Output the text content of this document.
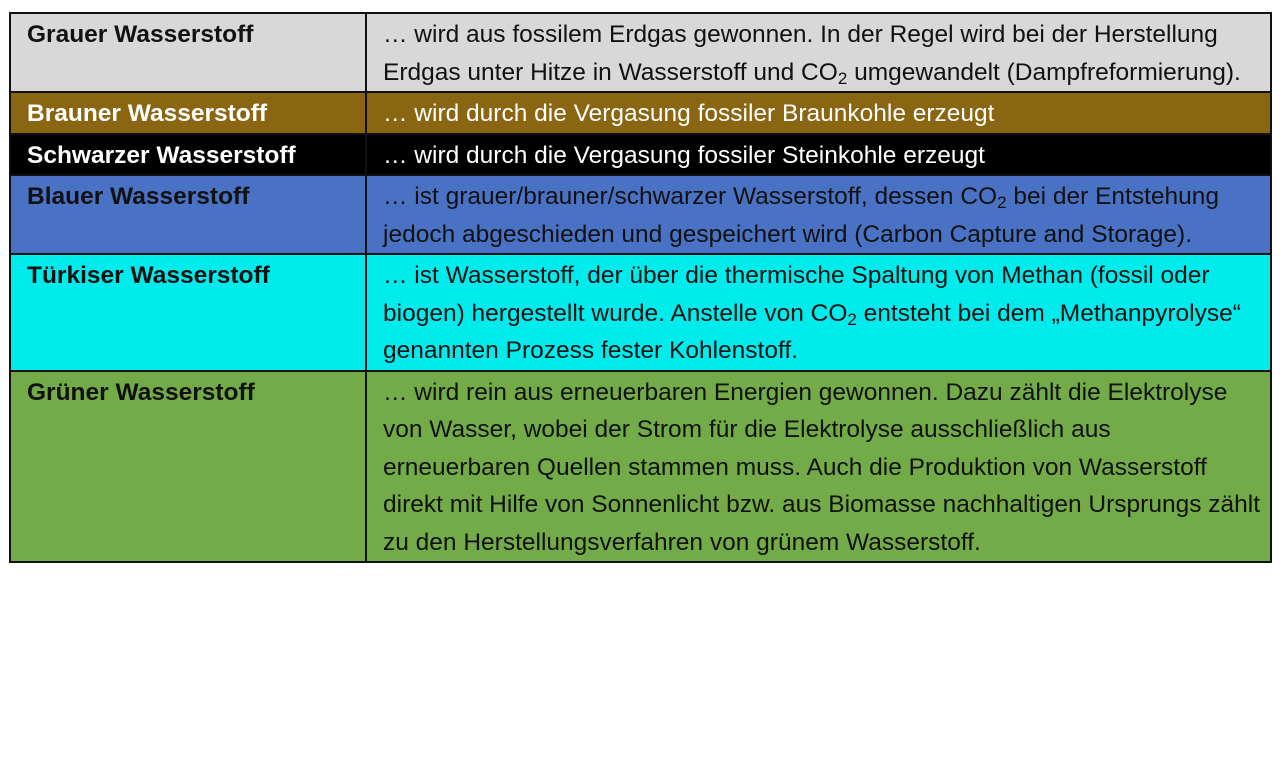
Grauer Wasserstoff	… wird aus fossilem Erdgas gewonnen. In der Regel wird bei der Herstellung Erdgas unter Hitze in Wasserstoff und $CO_2$ umgewandelt (Dampfreformierung).
Brauner Wasserstoff	… wird durch die Vergasung fossiler Braunkohle erzeugt
Schwarzer Wasserstoff	… wird durch die Vergasung fossiler Steinkohle erzeugt
Blauer Wasserstoff	… ist grauer/brauner/schwarzer Wasserstoff, dessen $CO_2$ bei der Entstehung jedoch abgeschieden und gespeichert wird (Carbon Capture and Storage).
Türkiser Wasserstoff	… ist Wasserstoff, der über die thermische Spaltung von Methan (fossil oder biogen) hergestellt wurde. Anstelle von $CO_2$ entsteht bei dem „Methanpyrolyse“ genannten Prozess fester Kohlenstoff.
Grüner Wasserstoff	… wird rein aus erneuerbaren Energien gewonnen. Dazu zählt die Elektrolyse von Wasser, wobei der Strom für die Elektrolyse ausschließlich aus erneuerbaren Quellen stammen muss. Auch die Produktion von Wasserstoff direkt mit Hilfe von Sonnenlicht bzw. aus Biomasse nachhaltigen Ursprungs zählt zu den Herstellungsverfahren von grünem Wasserstoff.
